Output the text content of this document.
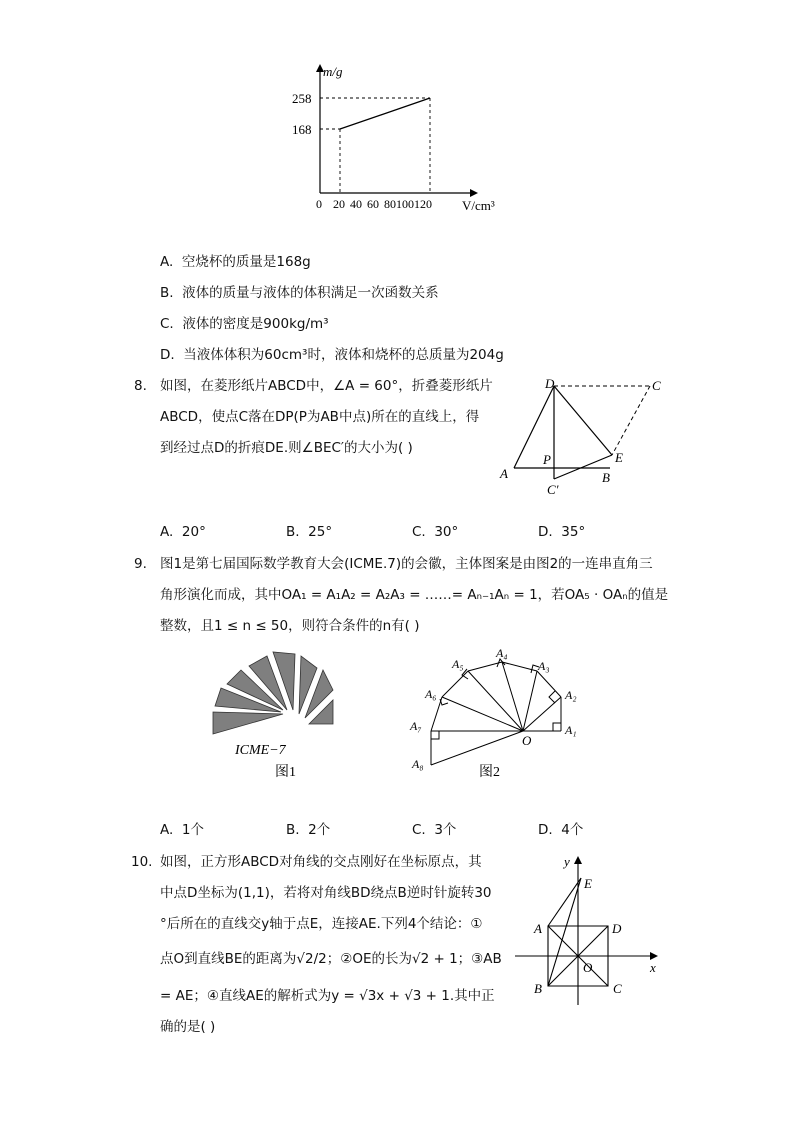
m/g
258
168
0 20 40 60 80100120 V/cm³
A. 空烧杯的质量是168g
B. 液体的质量与液体的体积满足一次函数关系
C. 液体的密度是900kg/m³
D. 当液体体积为60cm³时，液体和烧杯的总质量为204g
8. 如图，在菱形纸片ABCD中，∠A = 60°，折叠菱形纸片
ABCD，使点C落在DP(P为AB中点)所在的直线上，得
到经过点D的折痕DE.则∠BEC′的大小为( )
D	C
P	E
A	B
C′
A. 20°	B. 25°	C. 30°	D. 35°
9. 图1是第七届国际数学教育大会(ICME.7)的会徽，主体图案是由图2的一连串直角三
角形演化而成，其中OA₁ = A₁A₂ = A₂A₃ = ……= Aₙ₋₁Aₙ = 1，若OA₅ · OAₙ的值是
整数，且1 ≤ n ≤ 50，则符合条件的n有( )
ICME−7
图1
A₁
A₂
A₃
A₄
A₅
A₆
A₇
A₈
O
图2
A. 1个	B. 2个	C. 3个	D. 4个
10. 如图，正方形ABCD对角线的交点刚好在坐标原点，其
中点D坐标为(1,1)，若将对角线BD绕点B逆时针旋转30
°后所在的直线交y轴于点E，连接AE.下列4个结论：①
点O到直线BE的距离为√2/2；②OE的长为√2 + 1；③AB
= AE；④直线AE的解析式为y = √3x + √3 + 1.其中正
确的是( )
y
x
E
A	D
O
B	C
